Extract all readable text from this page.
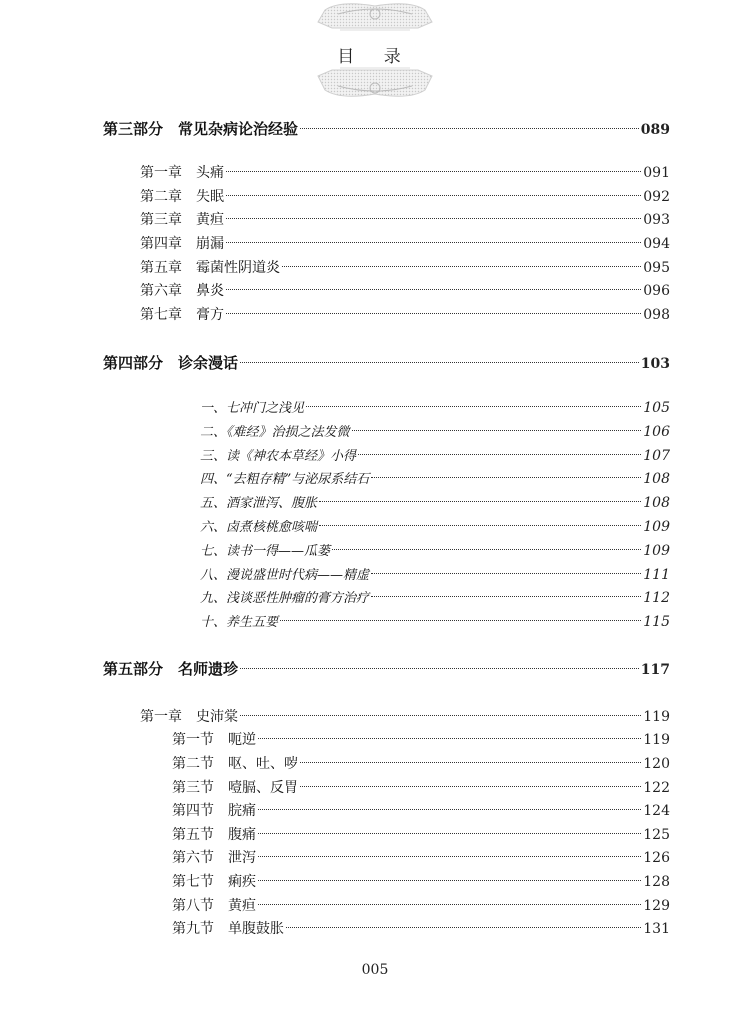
目 录
第三部分　常见杂病论治经验	089
第一章　头痛	091
第二章　失眠	092
第三章　黄疸	093
第四章　崩漏	094
第五章　霉菌性阴道炎	095
第六章　鼻炎	096
第七章　膏方	098
第四部分　诊余漫话	103
一、七冲门之浅见	105
二、《难经》治损之法发微	106
三、读《神农本草经》小得	107
四、“去粗存精”与泌尿系结石	108
五、酒家泄泻、腹胀	108
六、卤煮核桃愈咳喘	109
七、读书一得——瓜蒌	109
八、漫说盛世时代病——精虚	111
九、浅谈恶性肿瘤的膏方治疗	112
十、养生五要	115
第五部分　名师遗珍	117
第一章　史沛棠	119
第一节　呃逆	119
第二节　呕、吐、哕	120
第三节　噎膈、反胃	122
第四节　脘痛	124
第五节　腹痛	125
第六节　泄泻	126
第七节　痢疾	128
第八节　黄疸	129
第九节　单腹鼓胀	131
005
